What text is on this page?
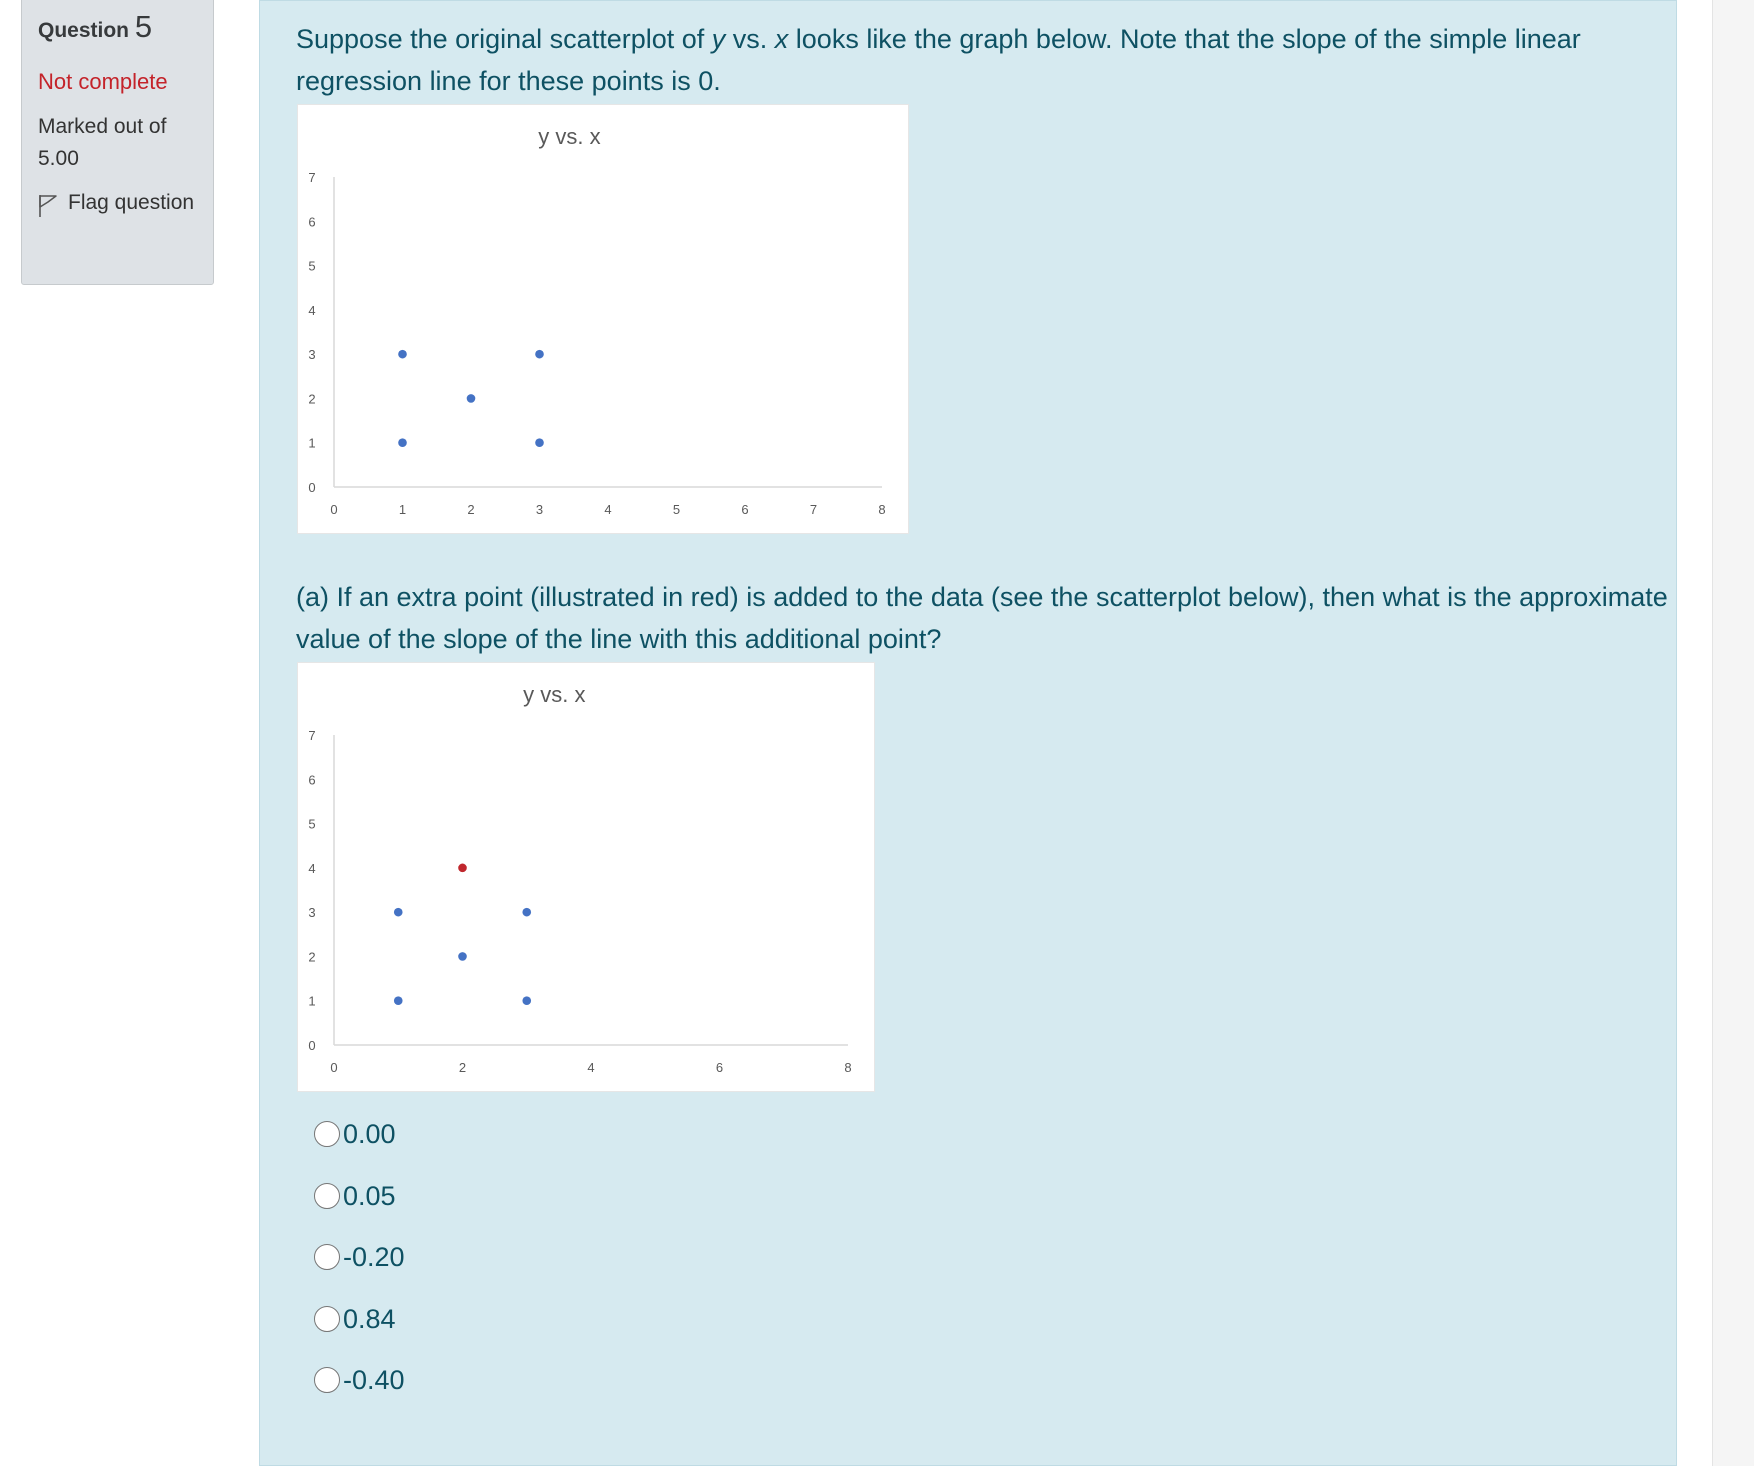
Question 5
Not complete
Marked out of 5.00
Flag question

Suppose the original scatterplot of y vs. x looks like the graph below. Note that the slope of the simple linear regression line for these points is 0.

y vs. x
0
1
2
3
4
5
6
7
0	1	2	3	4	5	6	7	8

(a) If an extra point (illustrated in red) is added to the data (see the scatterplot below), then what is the approximate value of the slope of the line with this additional point?

y vs. x
0
1
2
3
4
5
6
7
0	2	4	6	8
0.00
0.05
-0.20
0.84
-0.40
